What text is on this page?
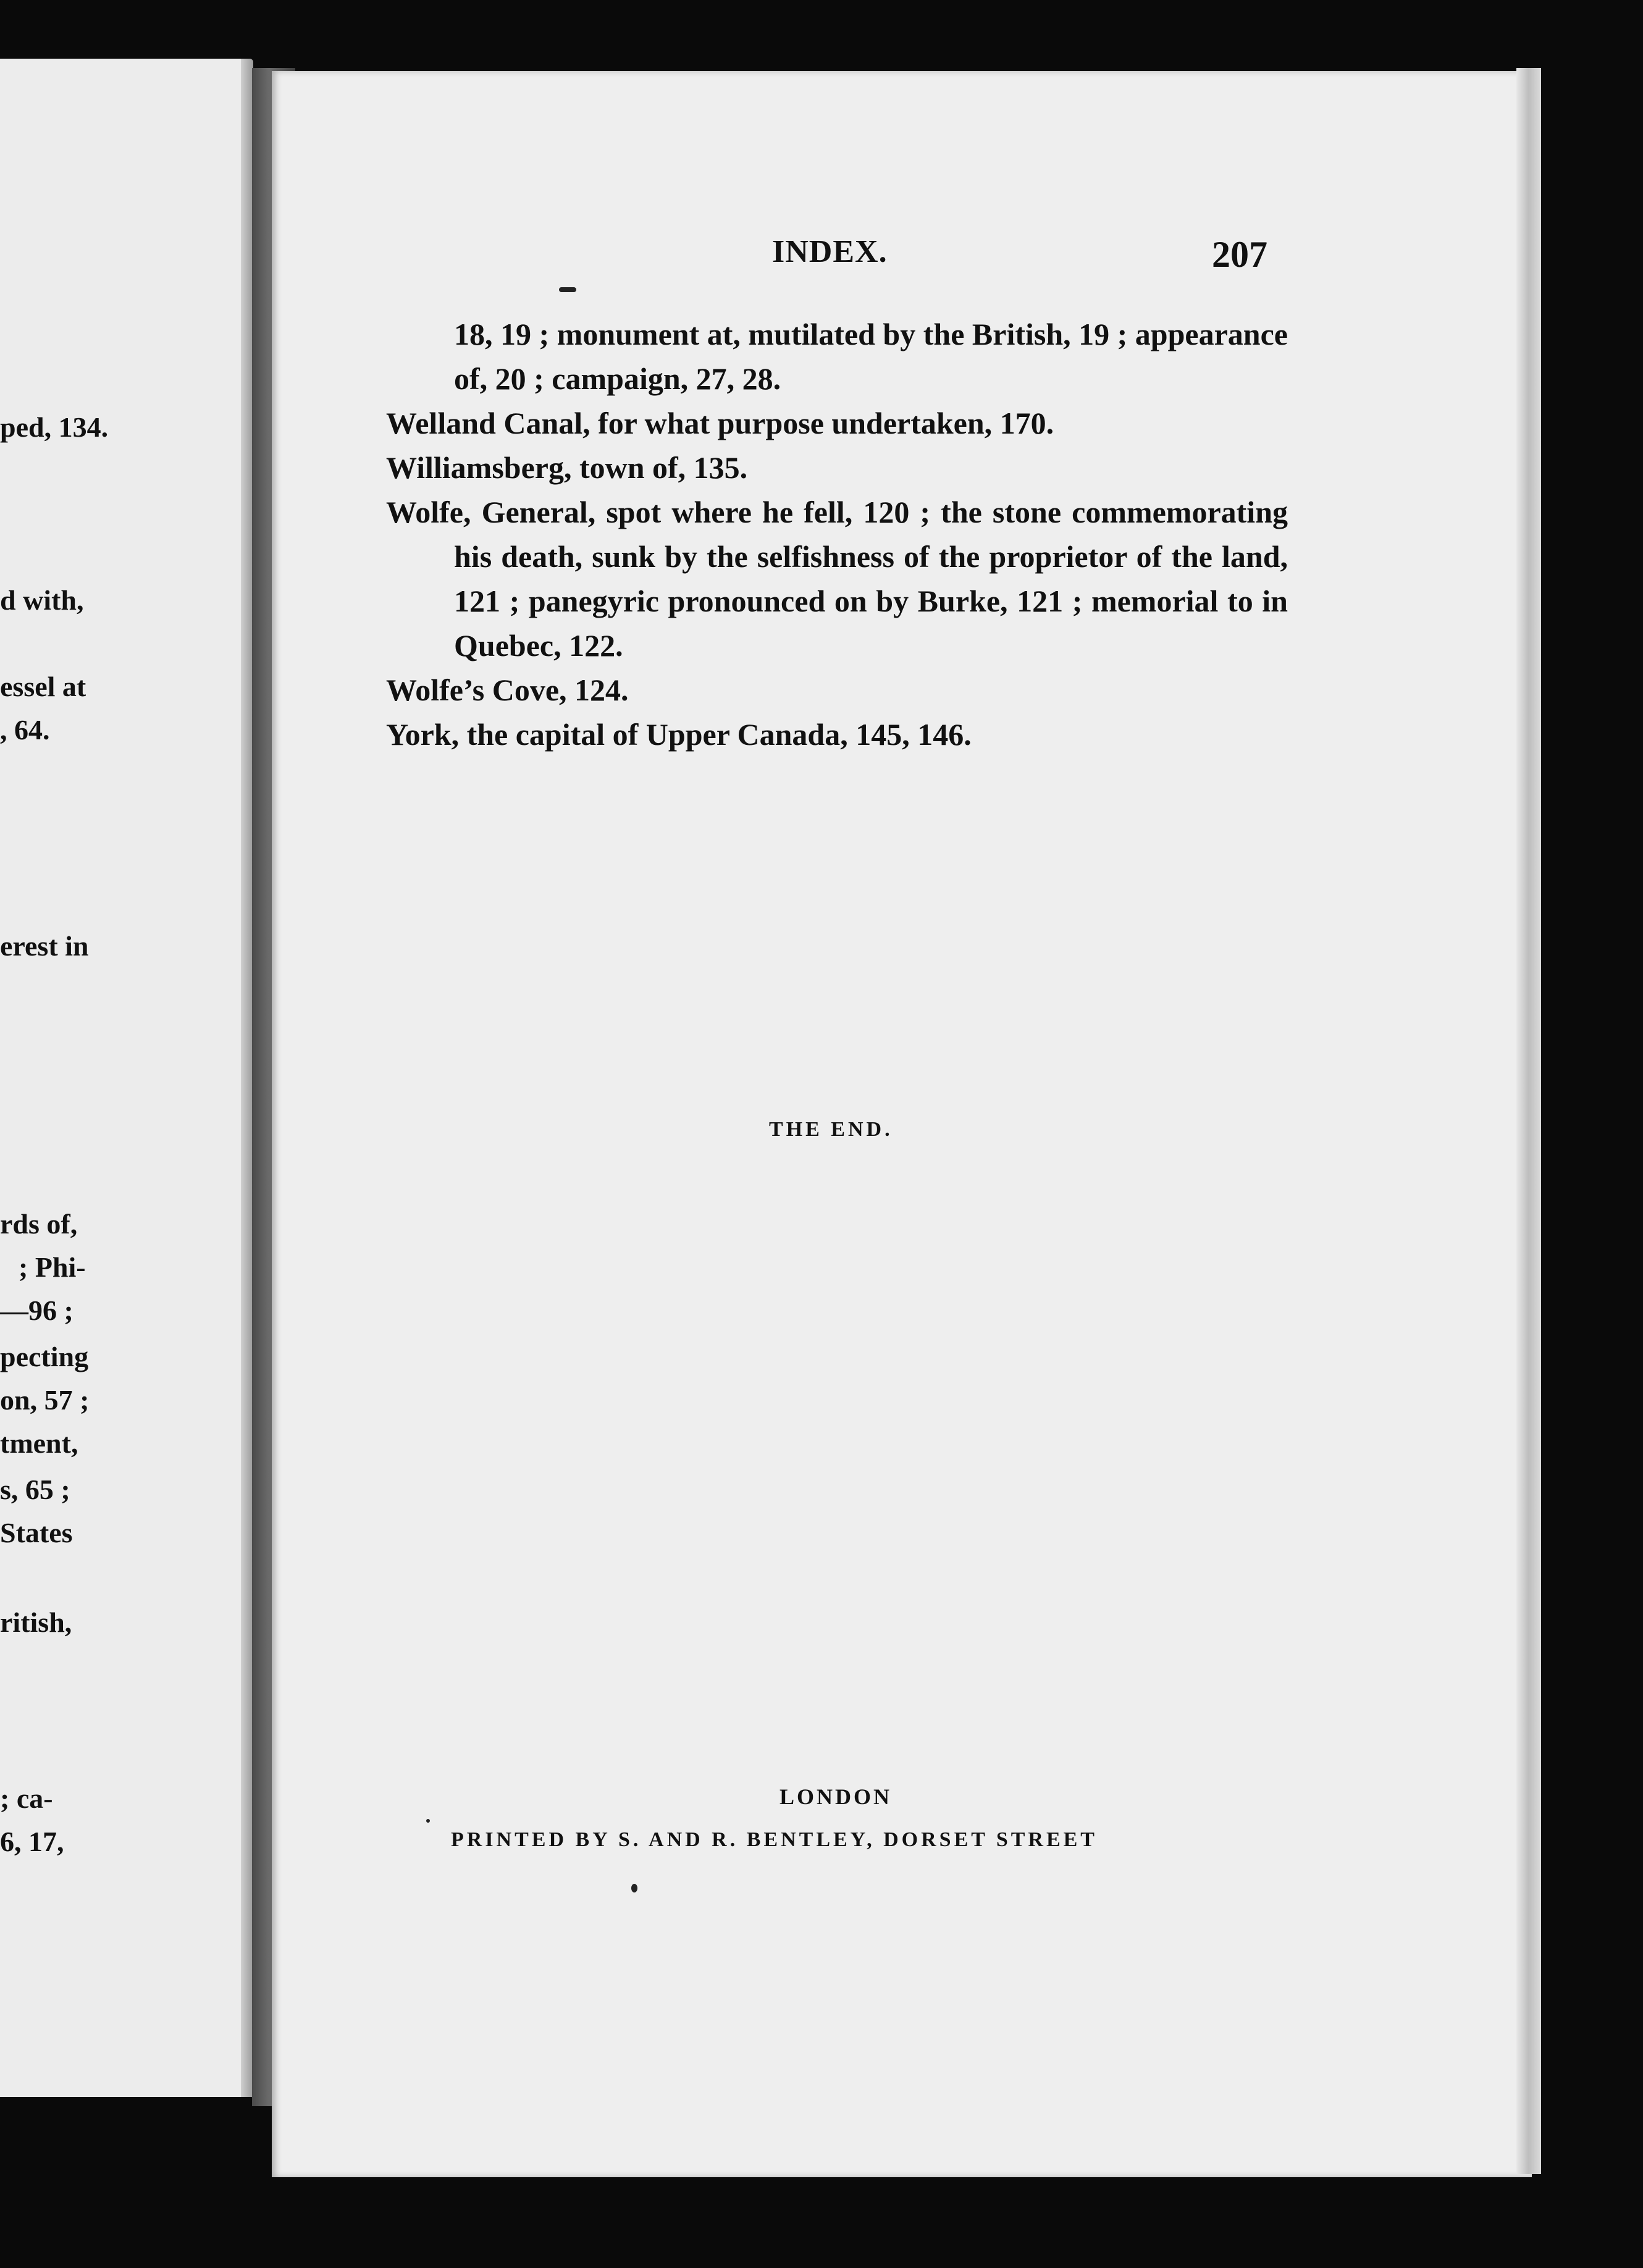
ped, 134.
d with,
essel at
, 64.
erest in
rds of,
; Phi-
—96 ;
pecting
on, 57 ;
tment,
s, 65 ;
States
ritish,
; ca-
6, 17,
INDEX.	207
18, 19 ; monument at, mutilated by the British, 19 ; appearance of, 20 ; campaign, 27, 28.
Welland Canal, for what purpose undertaken, 170.
Williamsberg, town of, 135.
Wolfe, General, spot where he fell, 120 ; the stone commemorating his death, sunk by the selfishness of the proprietor of the land, 121 ; panegyric pronounced on by Burke, 121 ; memorial to in Quebec, 122.
Wolfe’s Cove, 124.
York, the capital of Upper Canada, 145, 146.
THE END.
LONDON
PRINTED BY S. AND R. BENTLEY, DORSET STREET
